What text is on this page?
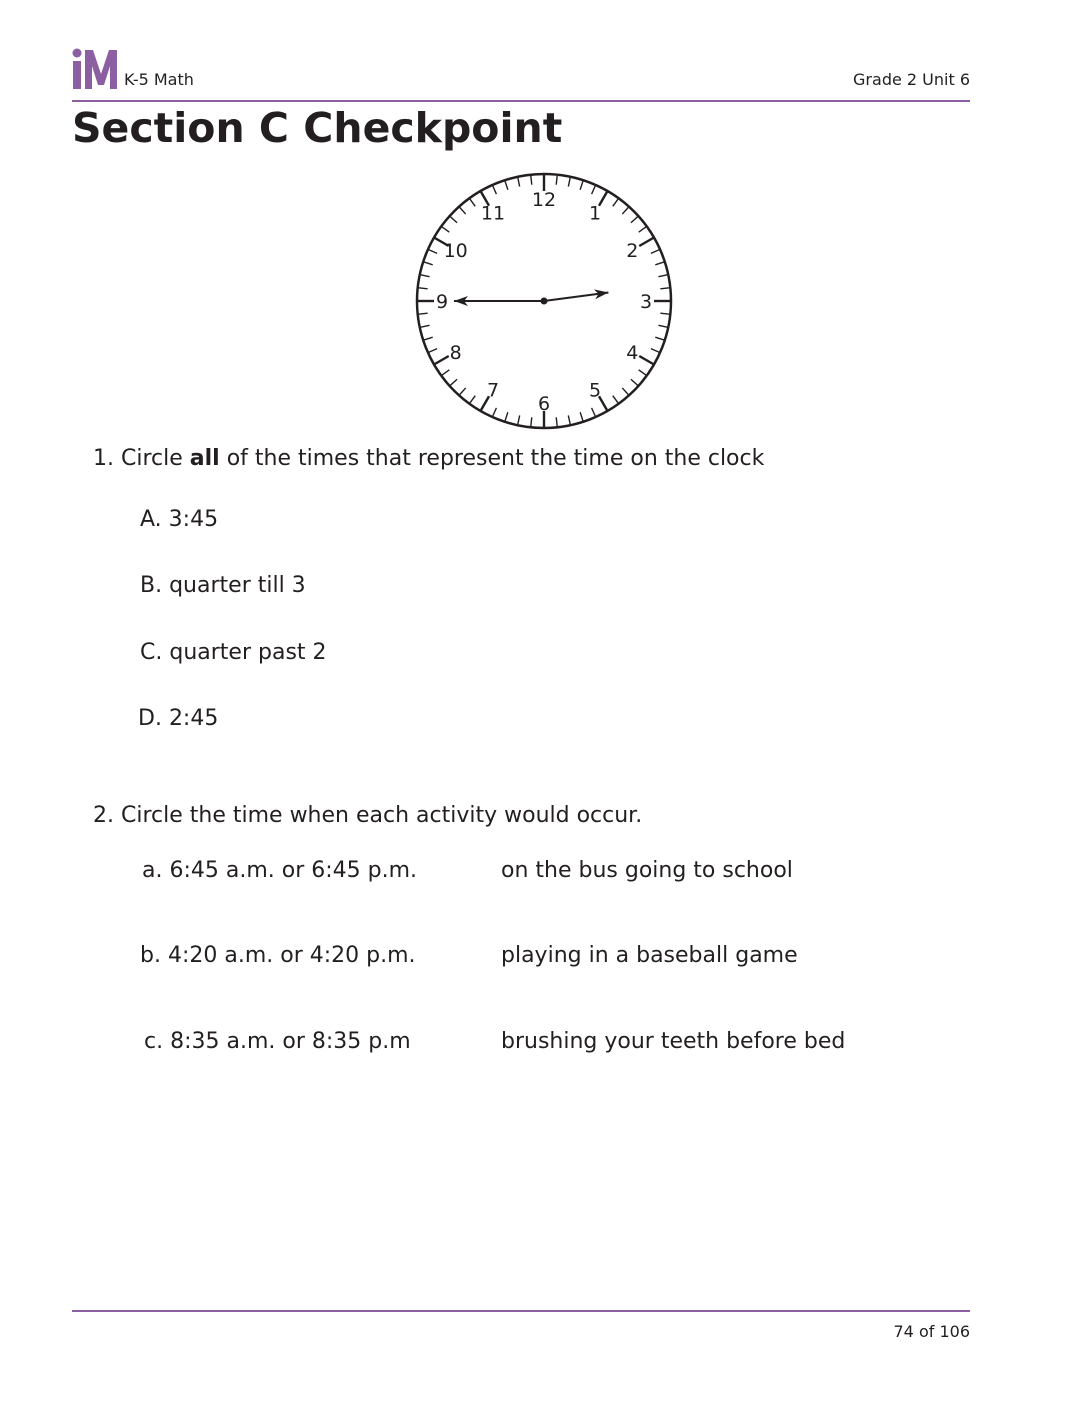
K-5 Math	Grade 2 Unit 6
Section C Checkpoint
12
1
2
3
4
5
6
7
8
9
10
11
1. Circle all of the times that represent the time on the clock
A. 3:45
B. quarter till 3
C. quarter past 2
D. 2:45
2. Circle the time when each activity would occur.
a. 6:45 a.m. or 6:45 p.m.	on the bus going to school
b. 4:20 a.m. or 4:20 p.m.	playing in a baseball game
c. 8:35 a.m. or 8:35 p.m	brushing your teeth before bed
74 of 106
